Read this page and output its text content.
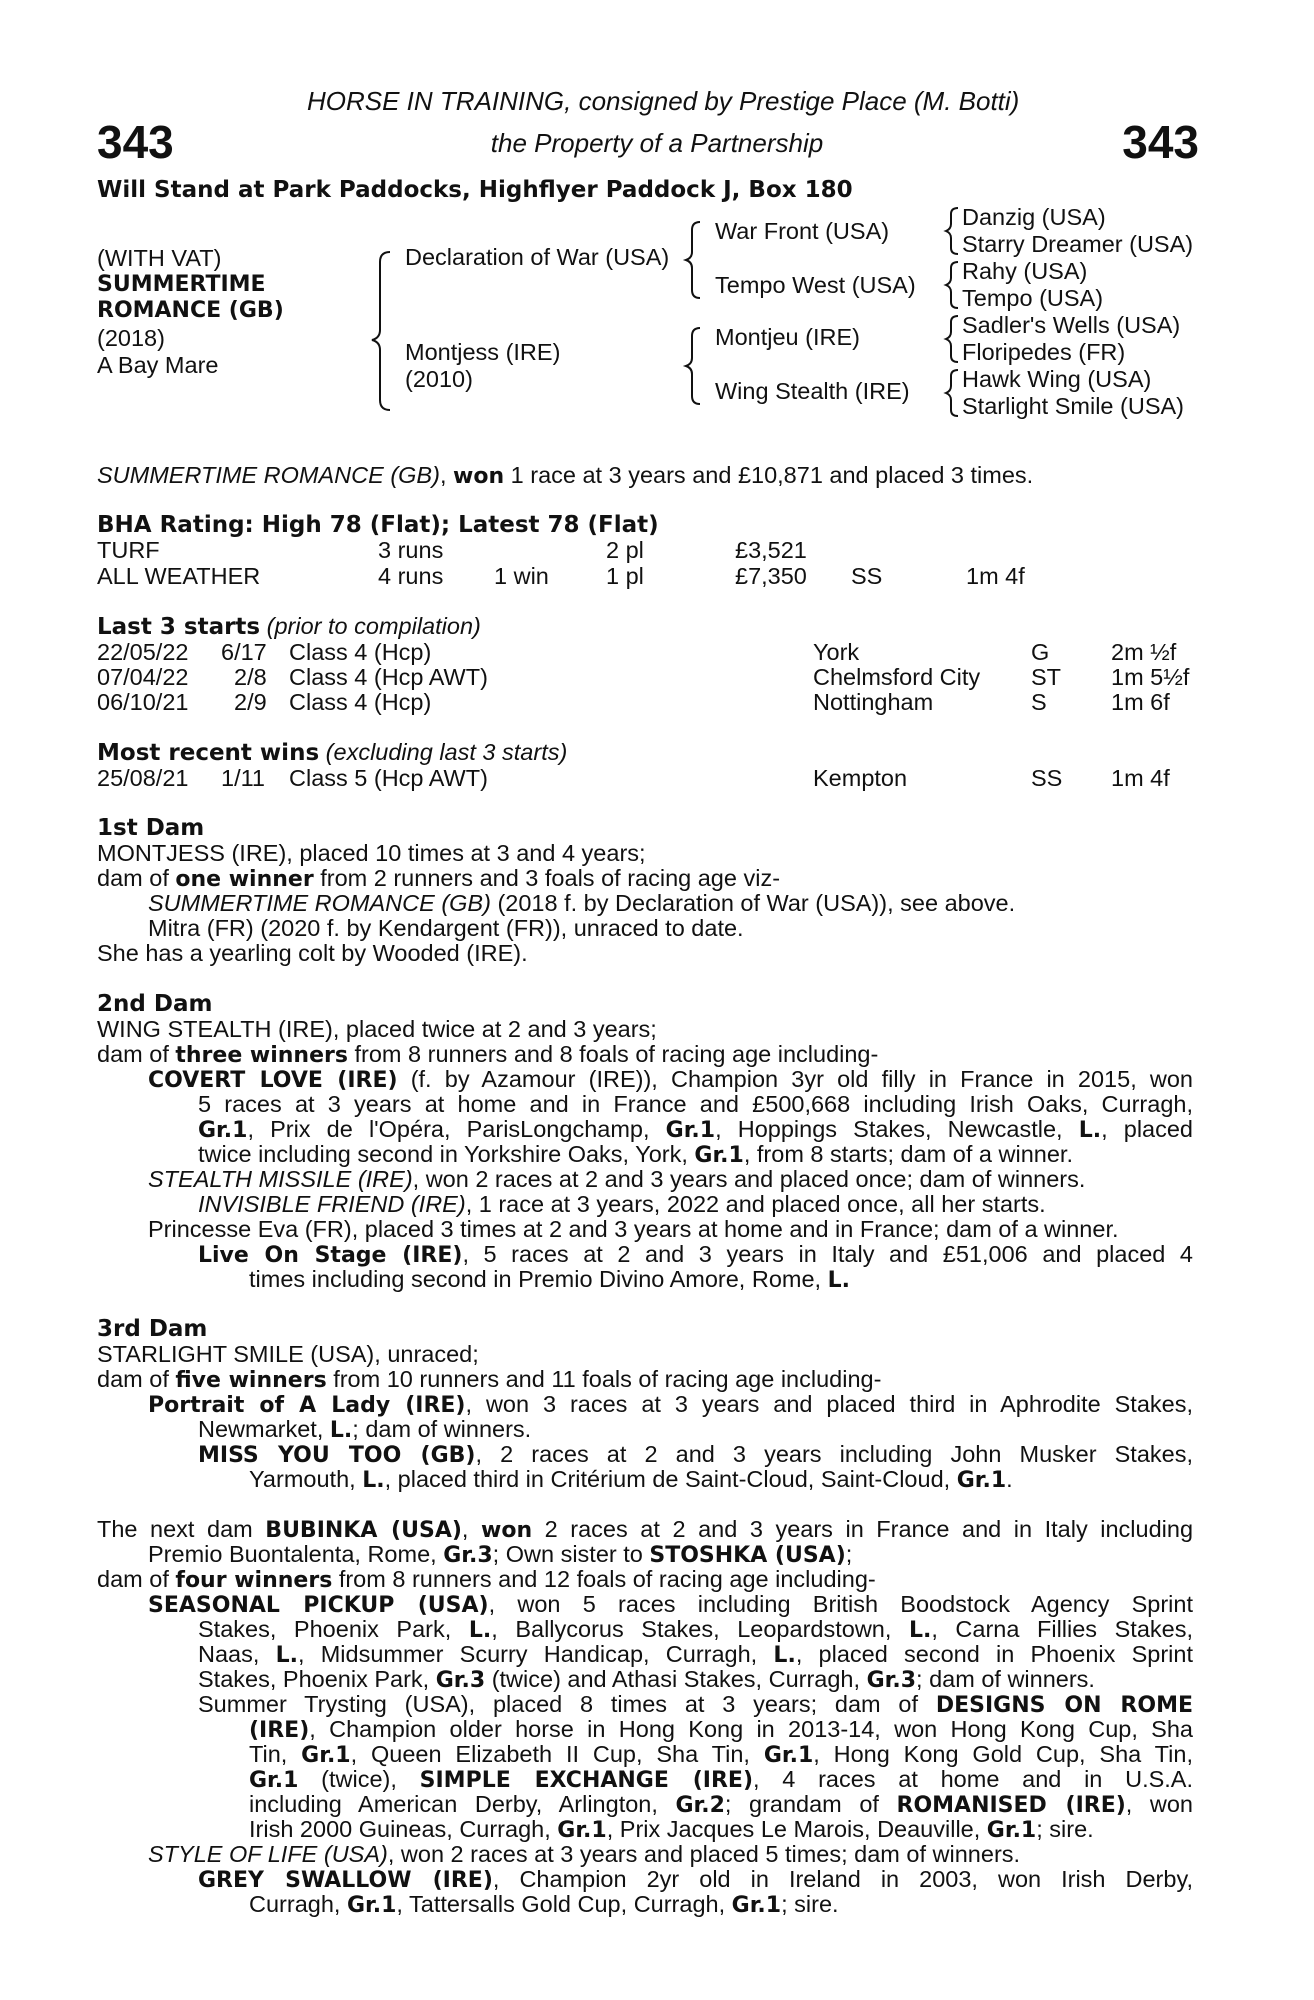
343	343
HORSE IN TRAINING, consigned by Prestige Place (M. Botti)
the Property of a Partnership
Will Stand at Park Paddocks, Highflyer Paddock J, Box 180
(WITH VAT)
SUMMERTIME
ROMANCE (GB)
(2018)
A Bay Mare
Declaration of War (USA)
Montjess (IRE)
(2010)
War Front (USA)
Tempo West (USA)
Montjeu (IRE)
Wing Stealth (IRE)
Danzig (USA)
Starry Dreamer (USA)
Rahy (USA)
Tempo (USA)
Sadler's Wells (USA)
Floripedes (FR)
Hawk Wing (USA)
Starlight Smile (USA)
SUMMERTIME ROMANCE (GB), won 1 race at 3 years and £10,871 and placed 3 times.
BHA Rating: High 78 (Flat); Latest 78 (Flat)
TURF	3 runs	2 pl	£3,521
ALL WEATHER	4 runs 1 win 1 pl	£7,350 SS	1m 4f
Last 3 starts (prior to compilation)
22/05/22 6/17 Class 4 (Hcp)	York	G	2m ½f
07/04/22 2/8 Class 4 (Hcp AWT)	Chelmsford City ST 1m 5½f
06/10/21 2/9 Class 4 (Hcp)	Nottingham	S	1m 6f
Most recent wins (excluding last 3 starts)
25/08/21 1/11 Class 5 (Hcp AWT)	Kempton	SS 1m 4f
1st Dam
MONTJESS (IRE), placed 10 times at 3 and 4 years;
dam of one winner from 2 runners and 3 foals of racing age viz-
SUMMERTIME ROMANCE (GB) (2018 f. by Declaration of War (USA)), see above.
Mitra (FR) (2020 f. by Kendargent (FR)), unraced to date.
She has a yearling colt by Wooded (IRE).
2nd Dam
WING STEALTH (IRE), placed twice at 2 and 3 years;
dam of three winners from 8 runners and 8 foals of racing age including-
COVERT LOVE (IRE) (f. by Azamour (IRE)), Champion 3yr old filly in France in 2015, won
5 races at 3 years at home and in France and £500,668 including Irish Oaks, Curragh,
Gr.1, Prix de l'Opéra, ParisLongchamp, Gr.1, Hoppings Stakes, Newcastle, L., placed
twice including second in Yorkshire Oaks, York, Gr.1, from 8 starts; dam of a winner.
STEALTH MISSILE (IRE), won 2 races at 2 and 3 years and placed once; dam of winners.
INVISIBLE FRIEND (IRE), 1 race at 3 years, 2022 and placed once, all her starts.
Princesse Eva (FR), placed 3 times at 2 and 3 years at home and in France; dam of a winner.
Live On Stage (IRE), 5 races at 2 and 3 years in Italy and £51,006 and placed 4
times including second in Premio Divino Amore, Rome, L.
3rd Dam
STARLIGHT SMILE (USA), unraced;
dam of five winners from 10 runners and 11 foals of racing age including-
Portrait of A Lady (IRE), won 3 races at 3 years and placed third in Aphrodite Stakes,
Newmarket, L.; dam of winners.
MISS YOU TOO (GB), 2 races at 2 and 3 years including John Musker Stakes,
Yarmouth, L., placed third in Critérium de Saint-Cloud, Saint-Cloud, Gr.1.
The next dam BUBINKA (USA), won 2 races at 2 and 3 years in France and in Italy including
Premio Buontalenta, Rome, Gr.3; Own sister to STOSHKA (USA);
dam of four winners from 8 runners and 12 foals of racing age including-
SEASONAL PICKUP (USA), won 5 races including British Boodstock Agency Sprint
Stakes, Phoenix Park, L., Ballycorus Stakes, Leopardstown, L., Carna Fillies Stakes,
Naas, L., Midsummer Scurry Handicap, Curragh, L., placed second in Phoenix Sprint
Stakes, Phoenix Park, Gr.3 (twice) and Athasi Stakes, Curragh, Gr.3; dam of winners.
Summer Trysting (USA), placed 8 times at 3 years; dam of DESIGNS ON ROME
(IRE), Champion older horse in Hong Kong in 2013-14, won Hong Kong Cup, Sha
Tin, Gr.1, Queen Elizabeth II Cup, Sha Tin, Gr.1, Hong Kong Gold Cup, Sha Tin,
Gr.1 (twice), SIMPLE EXCHANGE (IRE), 4 races at home and in U.S.A.
including American Derby, Arlington, Gr.2; grandam of ROMANISED (IRE), won
Irish 2000 Guineas, Curragh, Gr.1, Prix Jacques Le Marois, Deauville, Gr.1; sire.
STYLE OF LIFE (USA), won 2 races at 3 years and placed 5 times; dam of winners.
GREY SWALLOW (IRE), Champion 2yr old in Ireland in 2003, won Irish Derby,
Curragh, Gr.1, Tattersalls Gold Cup, Curragh, Gr.1; sire.
